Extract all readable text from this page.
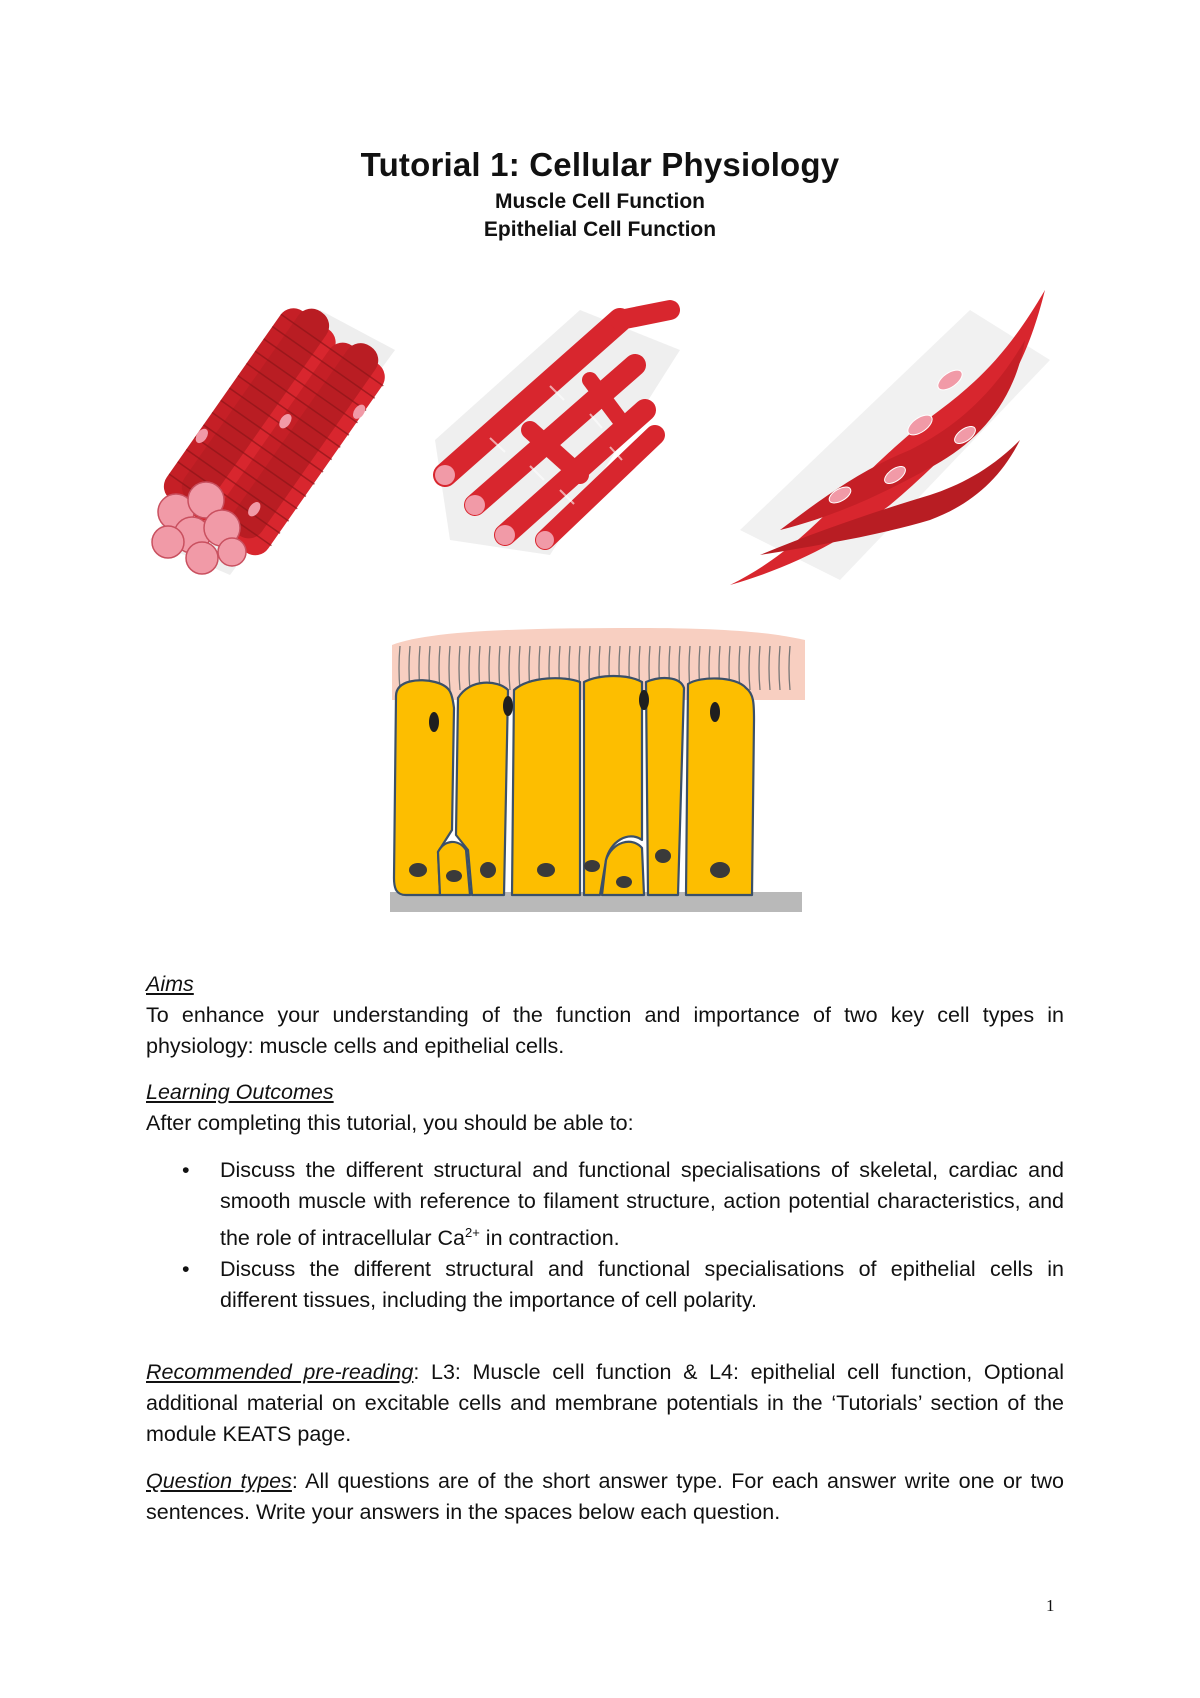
Tutorial 1: Cellular Physiology
Muscle Cell Function
Epithelial Cell Function
Aims
To enhance your understanding of the function and importance of two key cell types in physiology: muscle cells and epithelial cells.
Learning Outcomes
After completing this tutorial, you should be able to:
• Discuss the different structural and functional specialisations of skeletal, cardiac and smooth muscle with reference to filament structure, action potential characteristics, and the role of intracellular $Ca^{2+}$ in contraction.
• Discuss the different structural and functional specialisations of epithelial cells in different tissues, including the importance of cell polarity.
Recommended pre-reading: L3: Muscle cell function & L4: epithelial cell function, Optional additional material on excitable cells and membrane potentials in the ‘Tutorials’ section of the module KEATS page.
Question types: All questions are of the short answer type. For each answer write one or two sentences. Write your answers in the spaces below each question.
1
